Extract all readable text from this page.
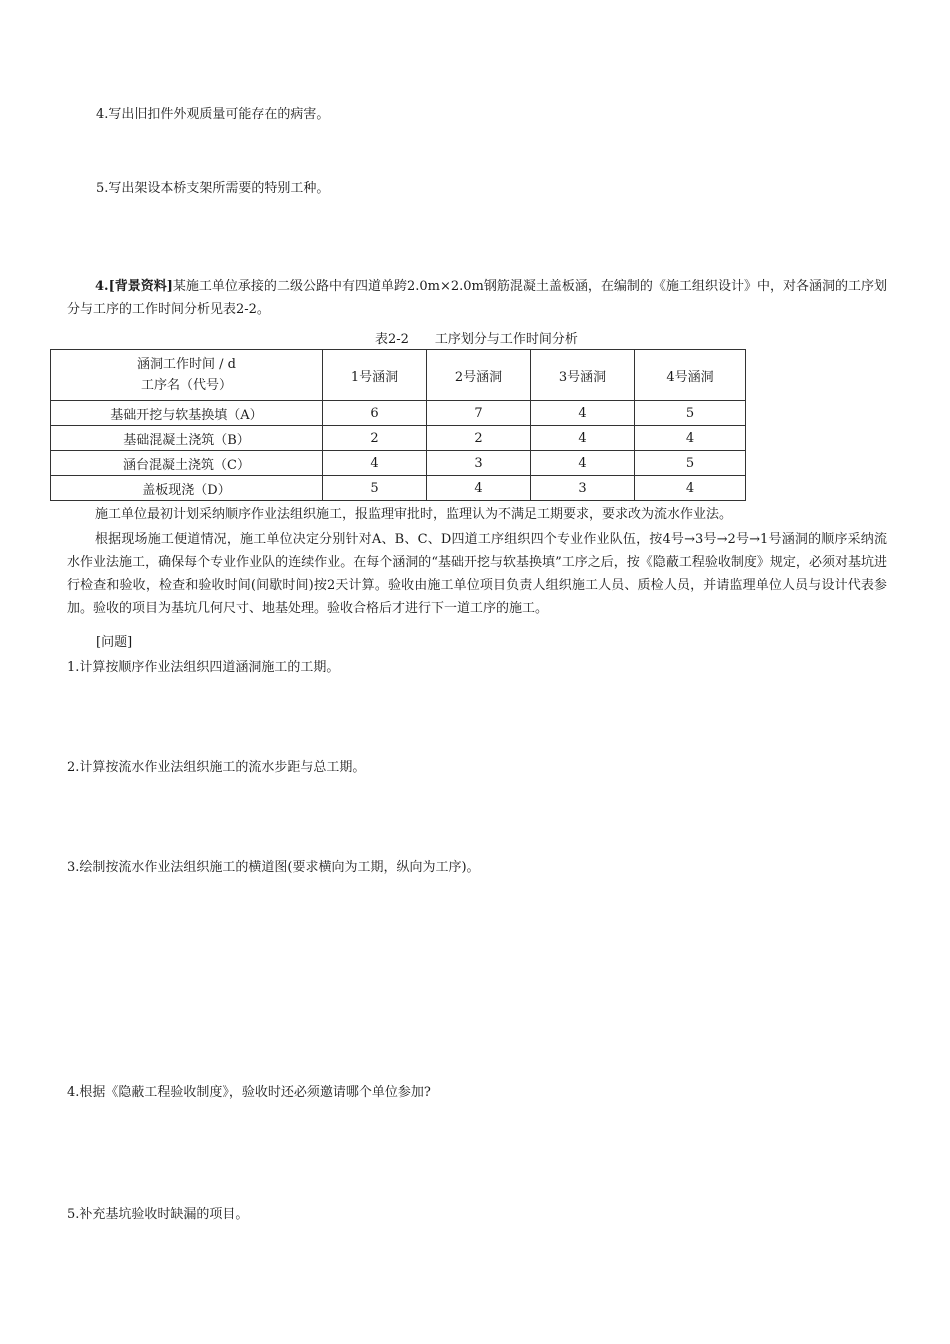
4.写出旧扣件外观质量可能存在的病害。
5.写出架设本桥支架所需要的特别工种。
4.[背景资料]某施工单位承接的二级公路中有四道单跨2.0m×2.0m钢筋混凝土盖板涵，在编制的《施工组织设计》中，对各涵洞的工序划分与工序的工作时间分析见表2-2。
表2-2　　工序划分与工作时间分析
涵洞工作时间 / d
工序名（代号）	1号涵洞	2号涵洞	3号涵洞	4号涵洞
基础开挖与软基换填（A）	6	7	4	5
基础混凝土浇筑（B）	2	2	4	4
涵台混凝土浇筑（C）	4	3	4	5
盖板现浇（D）	5	4	3	4
施工单位最初计划采纳顺序作业法组织施工，报监理审批时，监理认为不满足工期要求，要求改为流水作业法。
根据现场施工便道情况，施工单位决定分别针对A、B、C、D四道工序组织四个专业作业队伍，按4号→3号→2号→1号涵洞的顺序采纳流水作业法施工，确保每个专业作业队的连续作业。在每个涵洞的“基础开挖与软基换填”工序之后，按《隐蔽工程验收制度》规定，必须对基坑进行检查和验收，检查和验收时间(间歇时间)按2天计算。验收由施工单位项目负责人组织施工人员、质检人员，并请监理单位人员与设计代表参加。验收的项目为基坑几何尺寸、地基处理。验收合格后才进行下一道工序的施工。
[问题]
1.计算按顺序作业法组织四道涵洞施工的工期。
2.计算按流水作业法组织施工的流水步距与总工期。
3.绘制按流水作业法组织施工的横道图(要求横向为工期，纵向为工序)。
4.根据《隐蔽工程验收制度》，验收时还必须邀请哪个单位参加?
5.补充基坑验收时缺漏的项目。
